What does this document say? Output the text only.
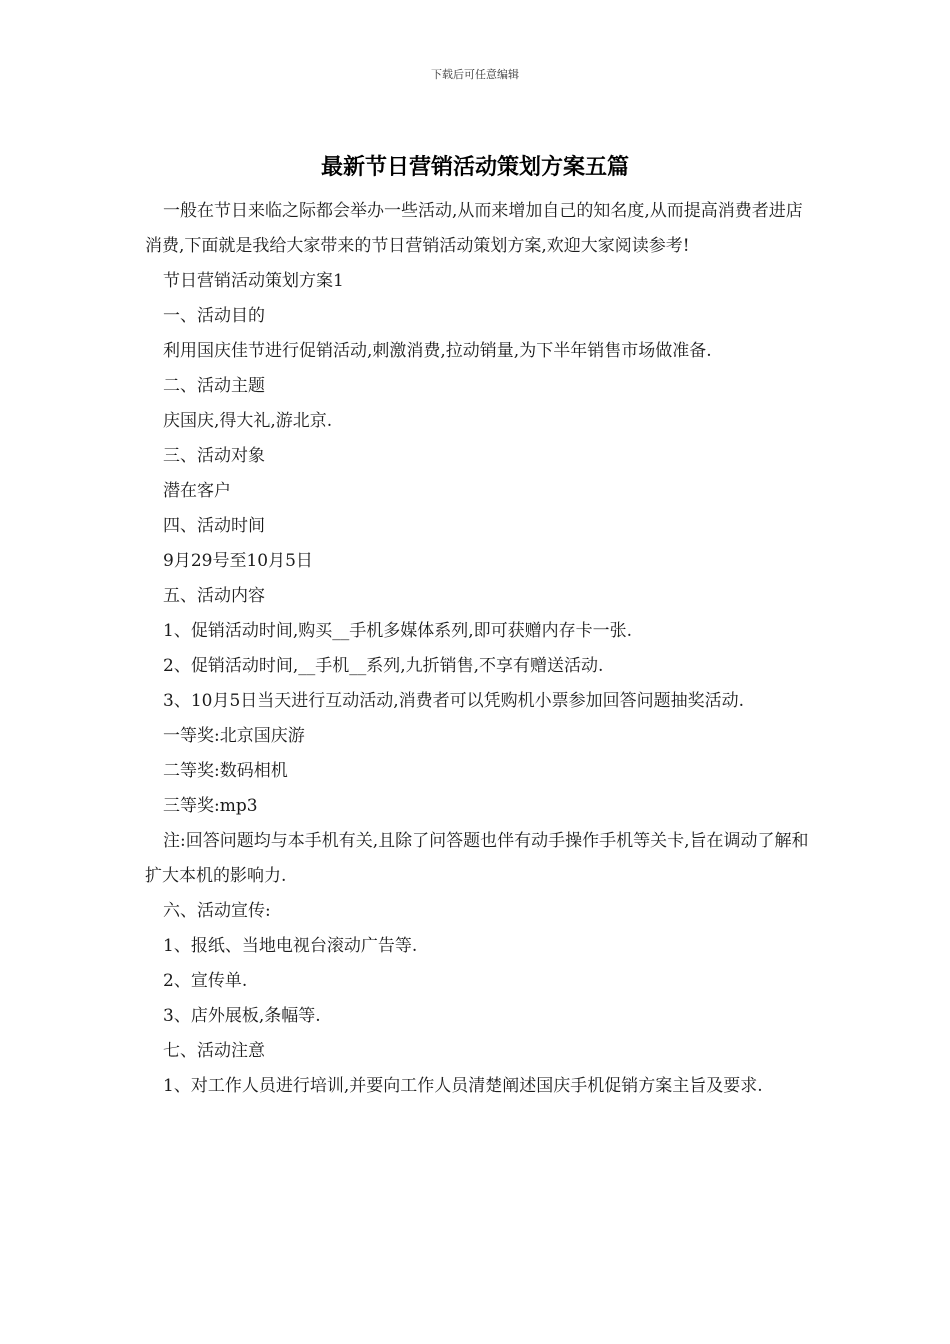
下载后可任意编辑
最新节日营销活动策划方案五篇

一般在节日来临之际都会举办一些活动,从而来增加自己的知名度,从而提高消费者进店消费,下面就是我给大家带来的节日营销活动策划方案,欢迎大家阅读参考!

节日营销活动策划方案1

一、活动目的

利用国庆佳节进行促销活动,刺激消费,拉动销量,为下半年销售市场做准备.

二、活动主题

庆国庆,得大礼,游北京.

三、活动对象

潜在客户

四、活动时间

9月29号至10月5日

五、活动内容

1、促销活动时间,购买__手机多媒体系列,即可获赠内存卡一张.

2、促销活动时间,__手机__系列,九折销售,不享有赠送活动.

3、10月5日当天进行互动活动,消费者可以凭购机小票参加回答问题抽奖活动.

一等奖:北京国庆游

二等奖:数码相机

三等奖:mp3

注:回答问题均与本手机有关,且除了问答题也伴有动手操作手机等关卡,旨在调动了解和扩大本机的影响力.

六、活动宣传:

1、报纸、当地电视台滚动广告等.

2、宣传单.

3、店外展板,条幅等.

七、活动注意

1、对工作人员进行培训,并要向工作人员清楚阐述国庆手机促销方案主旨及要求.
